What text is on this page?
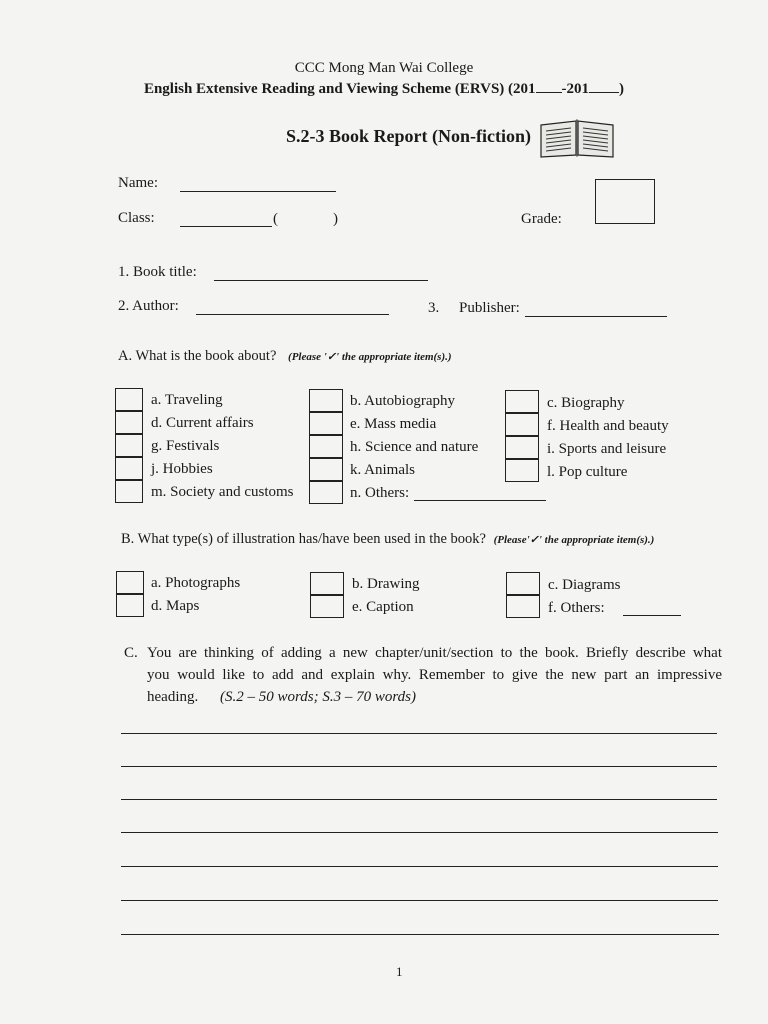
CCC Mong Man Wai College
English Extensive Reading and Viewing Scheme (ERVS) (201 -201 )
S.2-3 Book Report (Non-fiction)
Name:
Class:	(	)	Grade:
1. Book title:
2. Author:	3. Publisher:
A. What is the book about? (Please '✓' the appropriate item(s).)
a. Traveling
d. Current affairs
g. Festivals
j. Hobbies
m. Society and customs
b. Autobiography
e. Mass media
h. Science and nature
k. Animals
n. Others:
c. Biography
f. Health and beauty
i. Sports and leisure
l. Pop culture
B. What type(s) of illustration has/have been used in the book? (Please'✓' the appropriate item(s).)
a. Photographs
d. Maps
b. Drawing
e. Caption
c. Diagrams
f. Others:
C. You are thinking of adding a new chapter/unit/section to the book. Briefly describe what
you would like to add and explain why. Remember to give the new part an impressive
heading. (S.2 – 50 words; S.3 – 70 words)
1
